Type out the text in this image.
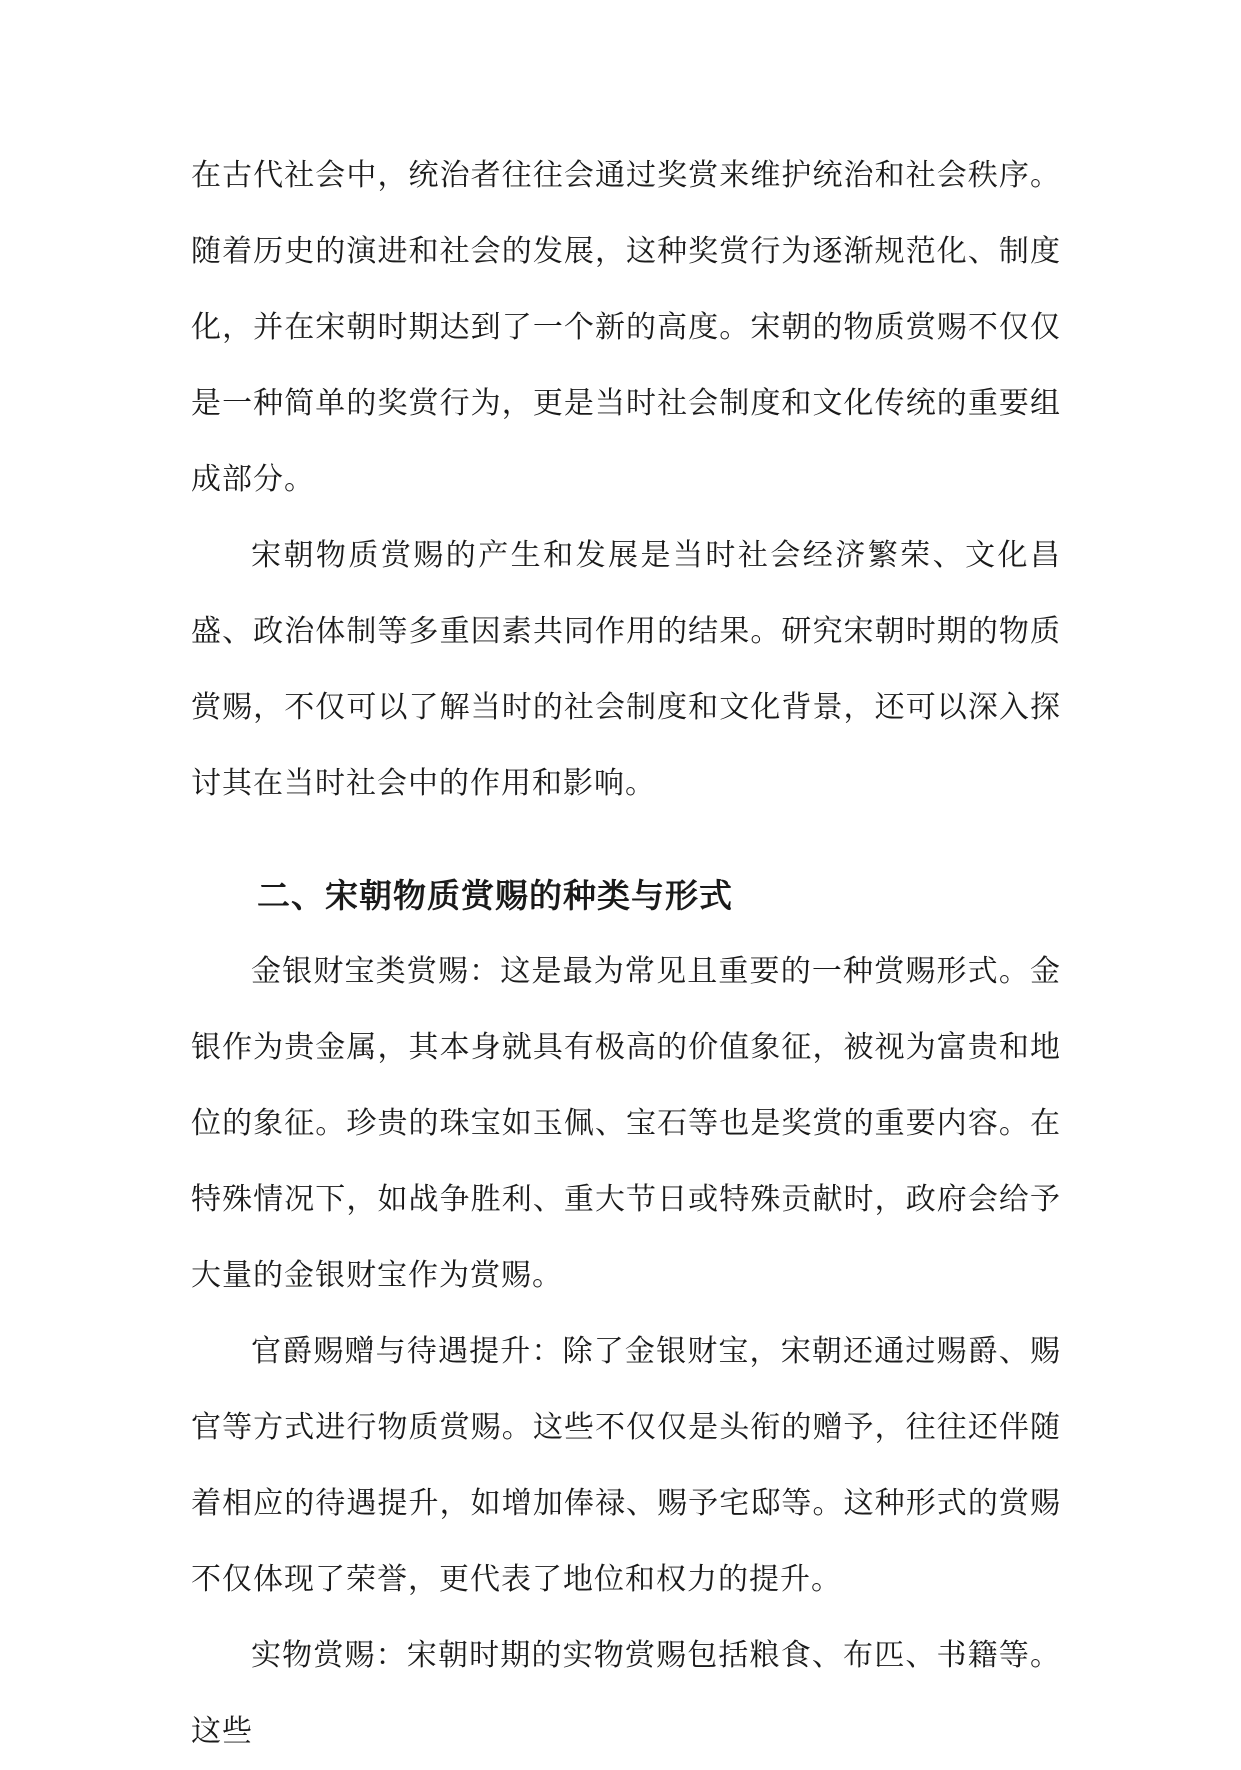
在古代社会中，统治者往往会通过奖赏来维护统治和社会秩序。随着历史的演进和社会的发展，这种奖赏行为逐渐规范化、制度化，并在宋朝时期达到了一个新的高度。宋朝的物质赏赐不仅仅是一种简单的奖赏行为，更是当时社会制度和文化传统的重要组成部分。

宋朝物质赏赐的产生和发展是当时社会经济繁荣、文化昌盛、政治体制等多重因素共同作用的结果。研究宋朝时期的物质赏赐，不仅可以了解当时的社会制度和文化背景，还可以深入探讨其在当时社会中的作用和影响。

二、宋朝物质赏赐的种类与形式

金银财宝类赏赐：这是最为常见且重要的一种赏赐形式。金银作为贵金属，其本身就具有极高的价值象征，被视为富贵和地位的象征。珍贵的珠宝如玉佩、宝石等也是奖赏的重要内容。在特殊情况下，如战争胜利、重大节日或特殊贡献时，政府会给予大量的金银财宝作为赏赐。

官爵赐赠与待遇提升：除了金银财宝，宋朝还通过赐爵、赐官等方式进行物质赏赐。这些不仅仅是头衔的赠予，往往还伴随着相应的待遇提升，如增加俸禄、赐予宅邸等。这种形式的赏赐不仅体现了荣誉，更代表了地位和权力的提升。

实物赏赐：宋朝时期的实物赏赐包括粮食、布匹、书籍等。这些
